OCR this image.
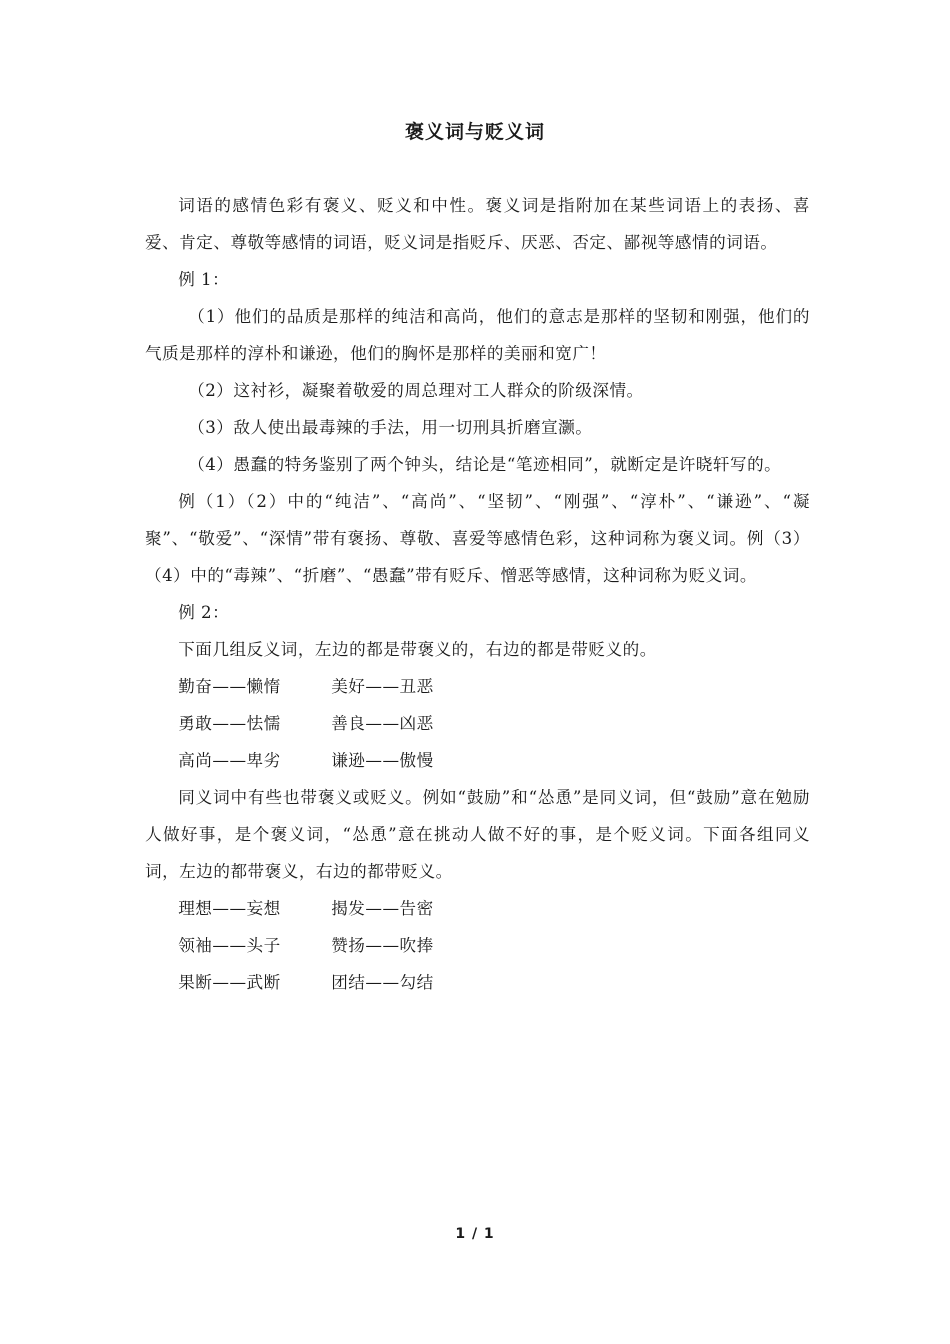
褒义词与贬义词

词语的感情色彩有褒义、贬义和中性。褒义词是指附加在某些词语上的表扬、喜爱、肯定、尊敬等感情的词语，贬义词是指贬斥、厌恶、否定、鄙视等感情的词语。

例 1：

（1）他们的品质是那样的纯洁和高尚，他们的意志是那样的坚韧和刚强，他们的气质是那样的淳朴和谦逊，他们的胸怀是那样的美丽和宽广！

（2）这衬衫，凝聚着敬爱的周总理对工人群众的阶级深情。

（3）敌人使出最毒辣的手法，用一切刑具折磨宣灏。

（4）愚蠢的特务鉴别了两个钟头，结论是“笔迹相同”，就断定是许晓轩写的。

例（1）（2）中的“纯洁”、“高尚”、“坚韧”、“刚强”、“淳朴”、“谦逊”、“凝聚”、“敬爱”、“深情”带有褒扬、尊敬、喜爱等感情色彩，这种词称为褒义词。例（3）（4）中的“毒辣”、“折磨”、“愚蠢”带有贬斥、憎恶等感情，这种词称为贬义词。

例 2：

下面几组反义词，左边的都是带褒义的，右边的都是带贬义的。

勤奋——懒惰	美好——丑恶

勇敢——怯懦	善良——凶恶

高尚——卑劣	谦逊——傲慢

同义词中有些也带褒义或贬义。例如“鼓励”和“怂恿”是同义词，但“鼓励”意在勉励人做好事，是个褒义词，“怂恿”意在挑动人做不好的事，是个贬义词。下面各组同义词，左边的都带褒义，右边的都带贬义。

理想——妄想	揭发——告密

领袖——头子	赞扬——吹捧

果断——武断	团结——勾结

1 / 1
